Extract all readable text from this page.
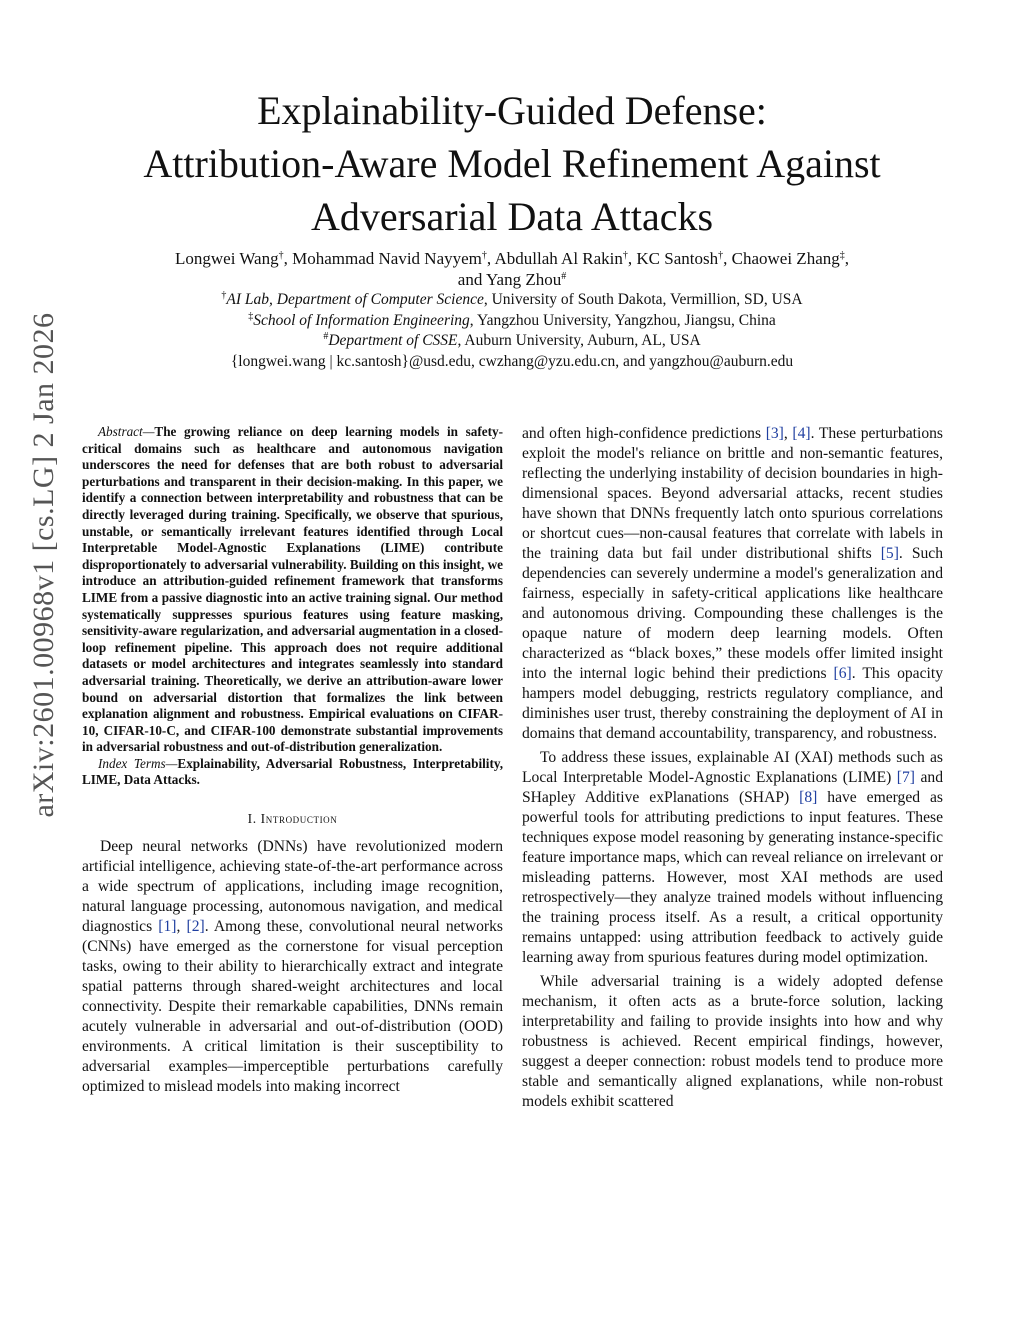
arXiv:2601.00968v1 [cs.LG] 2 Jan 2026
Explainability-Guided Defense:
Attribution-Aware Model Refinement Against
Adversarial Data Attacks
Longwei Wang†, Mohammad Navid Nayyem†, Abdullah Al Rakin†, KC Santosh†, Chaowei Zhang‡,
and Yang Zhou#
†AI Lab, Department of Computer Science, University of South Dakota, Vermillion, SD, USA
‡School of Information Engineering, Yangzhou University, Yangzhou, Jiangsu, China
#Department of CSSE, Auburn University, Auburn, AL, USA
{longwei.wang | kc.santosh}@usd.edu, cwzhang@yzu.edu.cn, and yangzhou@auburn.edu

Abstract—The growing reliance on deep learning models in safety-critical domains such as healthcare and autonomous navigation underscores the need for defenses that are both robust to adversarial perturbations and transparent in their decision-making. In this paper, we identify a connection between interpretability and robustness that can be directly leveraged during training. Specifically, we observe that spurious, unstable, or semantically irrelevant features identified through Local Interpretable Model-Agnostic Explanations (LIME) contribute disproportionately to adversarial vulnerability. Building on this insight, we introduce an attribution-guided refinement framework that transforms LIME from a passive diagnostic into an active training signal. Our method systematically suppresses spurious features using feature masking, sensitivity-aware regularization, and adversarial augmentation in a closed-loop refinement pipeline. This approach does not require additional datasets or model architectures and integrates seamlessly into standard adversarial training. Theoretically, we derive an attribution-aware lower bound on adversarial distortion that formalizes the link between explanation alignment and robustness. Empirical evaluations on CIFAR-10, CIFAR-10-C, and CIFAR-100 demonstrate substantial improvements in adversarial robustness and out-of-distribution generalization.

Index Terms—Explainability, Adversarial Robustness, Interpretability, LIME, Data Attacks.

I. Introduction

Deep neural networks (DNNs) have revolutionized modern artificial intelligence, achieving state-of-the-art performance across a wide spectrum of applications, including image recognition, natural language processing, autonomous navigation, and medical diagnostics [1], [2]. Among these, convolutional neural networks (CNNs) have emerged as the cornerstone for visual perception tasks, owing to their ability to hierarchically extract and integrate spatial patterns through shared-weight architectures and local connectivity. Despite their remarkable capabilities, DNNs remain acutely vulnerable in adversarial and out-of-distribution (OOD) environments. A critical limitation is their susceptibility to adversarial examples—imperceptible perturbations carefully optimized to mislead models into making incorrect

and often high-confidence predictions [3], [4]. These perturbations exploit the model's reliance on brittle and non-semantic features, reflecting the underlying instability of decision boundaries in high-dimensional spaces. Beyond adversarial attacks, recent studies have shown that DNNs frequently latch onto spurious correlations or shortcut cues—non-causal features that correlate with labels in the training data but fail under distributional shifts [5]. Such dependencies can severely undermine a model's generalization and fairness, especially in safety-critical applications like healthcare and autonomous driving. Compounding these challenges is the opaque nature of modern deep learning models. Often characterized as “black boxes,” these models offer limited insight into the internal logic behind their predictions [6]. This opacity hampers model debugging, restricts regulatory compliance, and diminishes user trust, thereby constraining the deployment of AI in domains that demand accountability, transparency, and robustness.

To address these issues, explainable AI (XAI) methods such as Local Interpretable Model-Agnostic Explanations (LIME) [7] and SHapley Additive exPlanations (SHAP) [8] have emerged as powerful tools for attributing predictions to input features. These techniques expose model reasoning by generating instance-specific feature importance maps, which can reveal reliance on irrelevant or misleading patterns. However, most XAI methods are used retrospectively—they analyze trained models without influencing the training process itself. As a result, a critical opportunity remains untapped: using attribution feedback to actively guide learning away from spurious features during model optimization.

While adversarial training is a widely adopted defense mechanism, it often acts as a brute-force solution, lacking interpretability and failing to provide insights into how and why robustness is achieved. Recent empirical findings, however, suggest a deeper connection: robust models tend to produce more stable and semantically aligned explanations, while non-robust models exhibit scattered
